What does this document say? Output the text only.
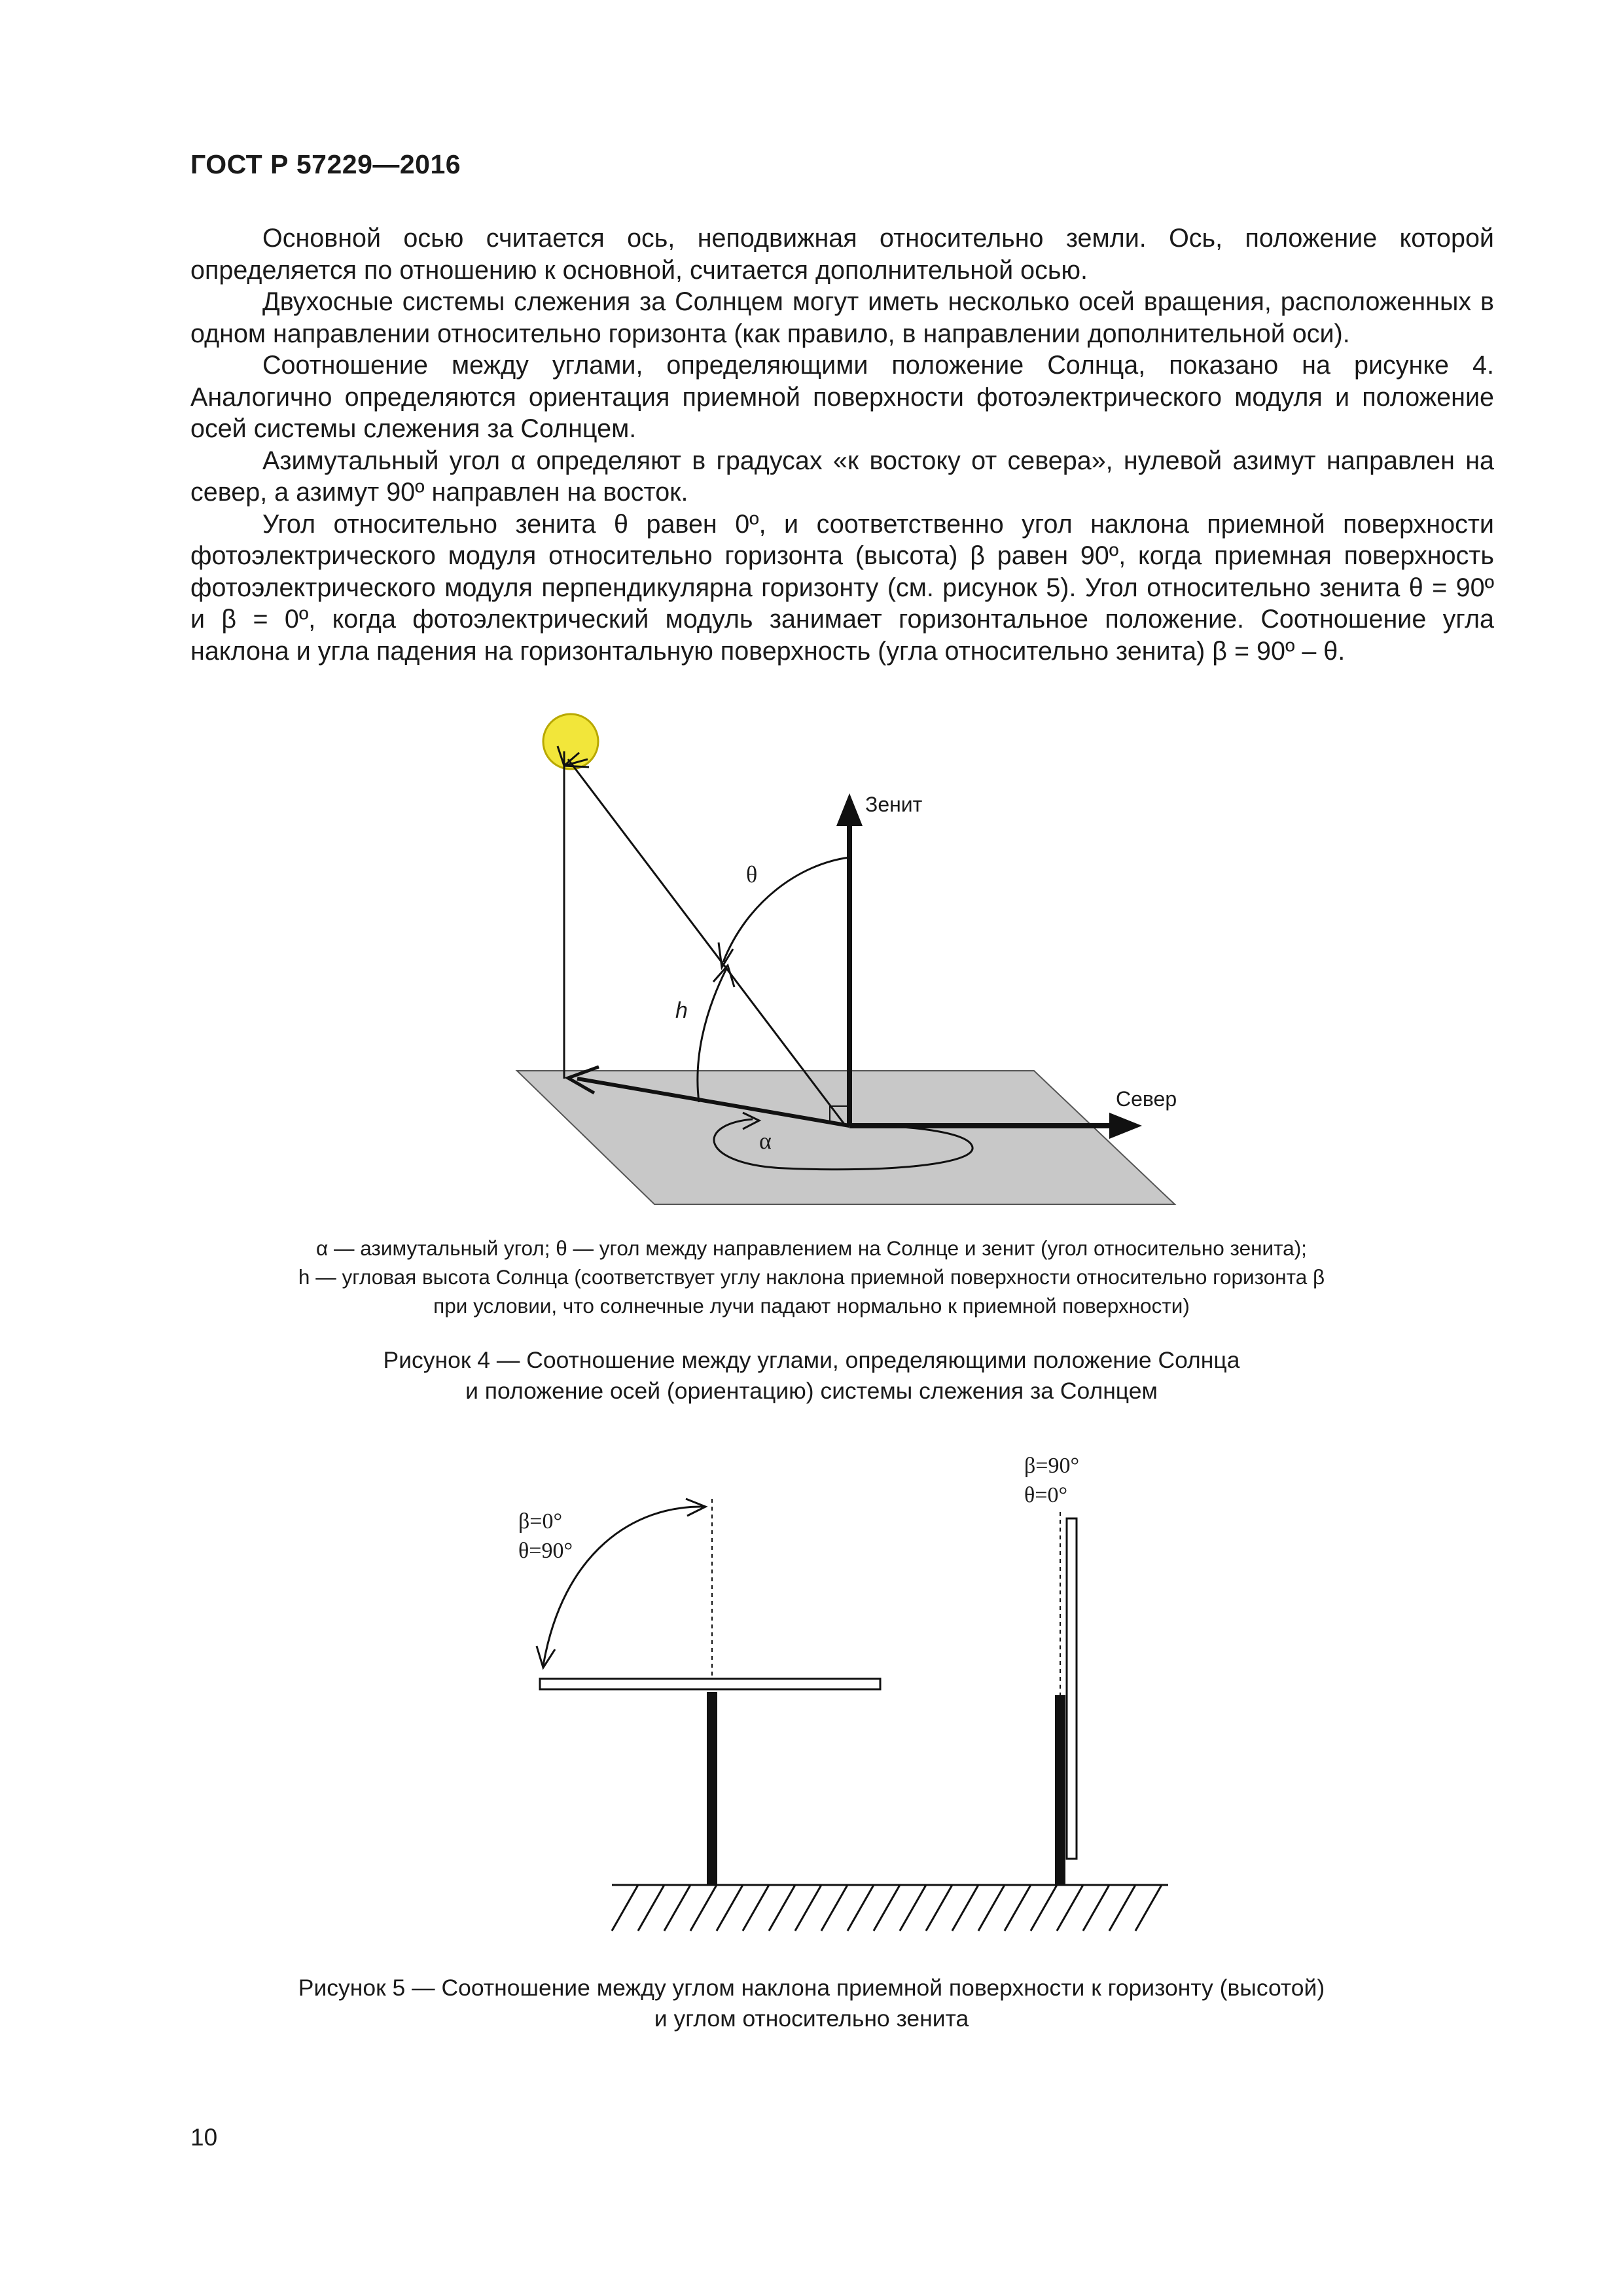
ГОСТ Р 57229—2016

Основной осью считается ось, неподвижная относительно земли. Ось, положение которой определяется по отношению к основной, считается дополнительной осью.

Двухосные системы слежения за Солнцем могут иметь несколько осей вращения, расположенных в одном направлении относительно горизонта (как правило, в направлении дополнительной оси).

Соотношение между углами, определяющими положение Солнца, показано на рисунке 4. Аналогично определяются ориентация приемной поверхности фотоэлектрического модуля и положение осей системы слежения за Солнцем.

Азимутальный угол α определяют в градусах «к востоку от севера», нулевой азимут направлен на север, а азимут 90º направлен на восток.

Угол относительно зенита θ равен 0º, и соответственно угол наклона приемной поверхности фотоэлектрического модуля относительно горизонта (высота) β равен 90º, когда приемная поверхность фотоэлектрического модуля перпендикулярна горизонту (см. рисунок 5). Угол относительно зенита θ = 90º и β = 0º, когда фотоэлектрический модуль занимает горизонтальное положение. Соотношение угла наклона и угла падения на горизонтальную поверхность (угла относительно зенита) β = 90º – θ.

Зенит
Север
θ
h
α

α — азимутальный угол; θ — угол между направлением на Солнце и зенит (угол относительно зенита);

h — угловая высота Солнца (соответствует углу наклона приемной поверхности относительно горизонта β

при условии, что солнечные лучи падают нормально к приемной поверхности)

Рисунок 4 — Соотношение между углами, определяющими положение Солнца

и положение осей (ориентацию) системы слежения за Солнцем

β=0°
θ=90°
β=90°
θ=0°

Рисунок 5 — Соотношение между углом наклона приемной поверхности к горизонту (высотой)

и углом относительно зенита

10
